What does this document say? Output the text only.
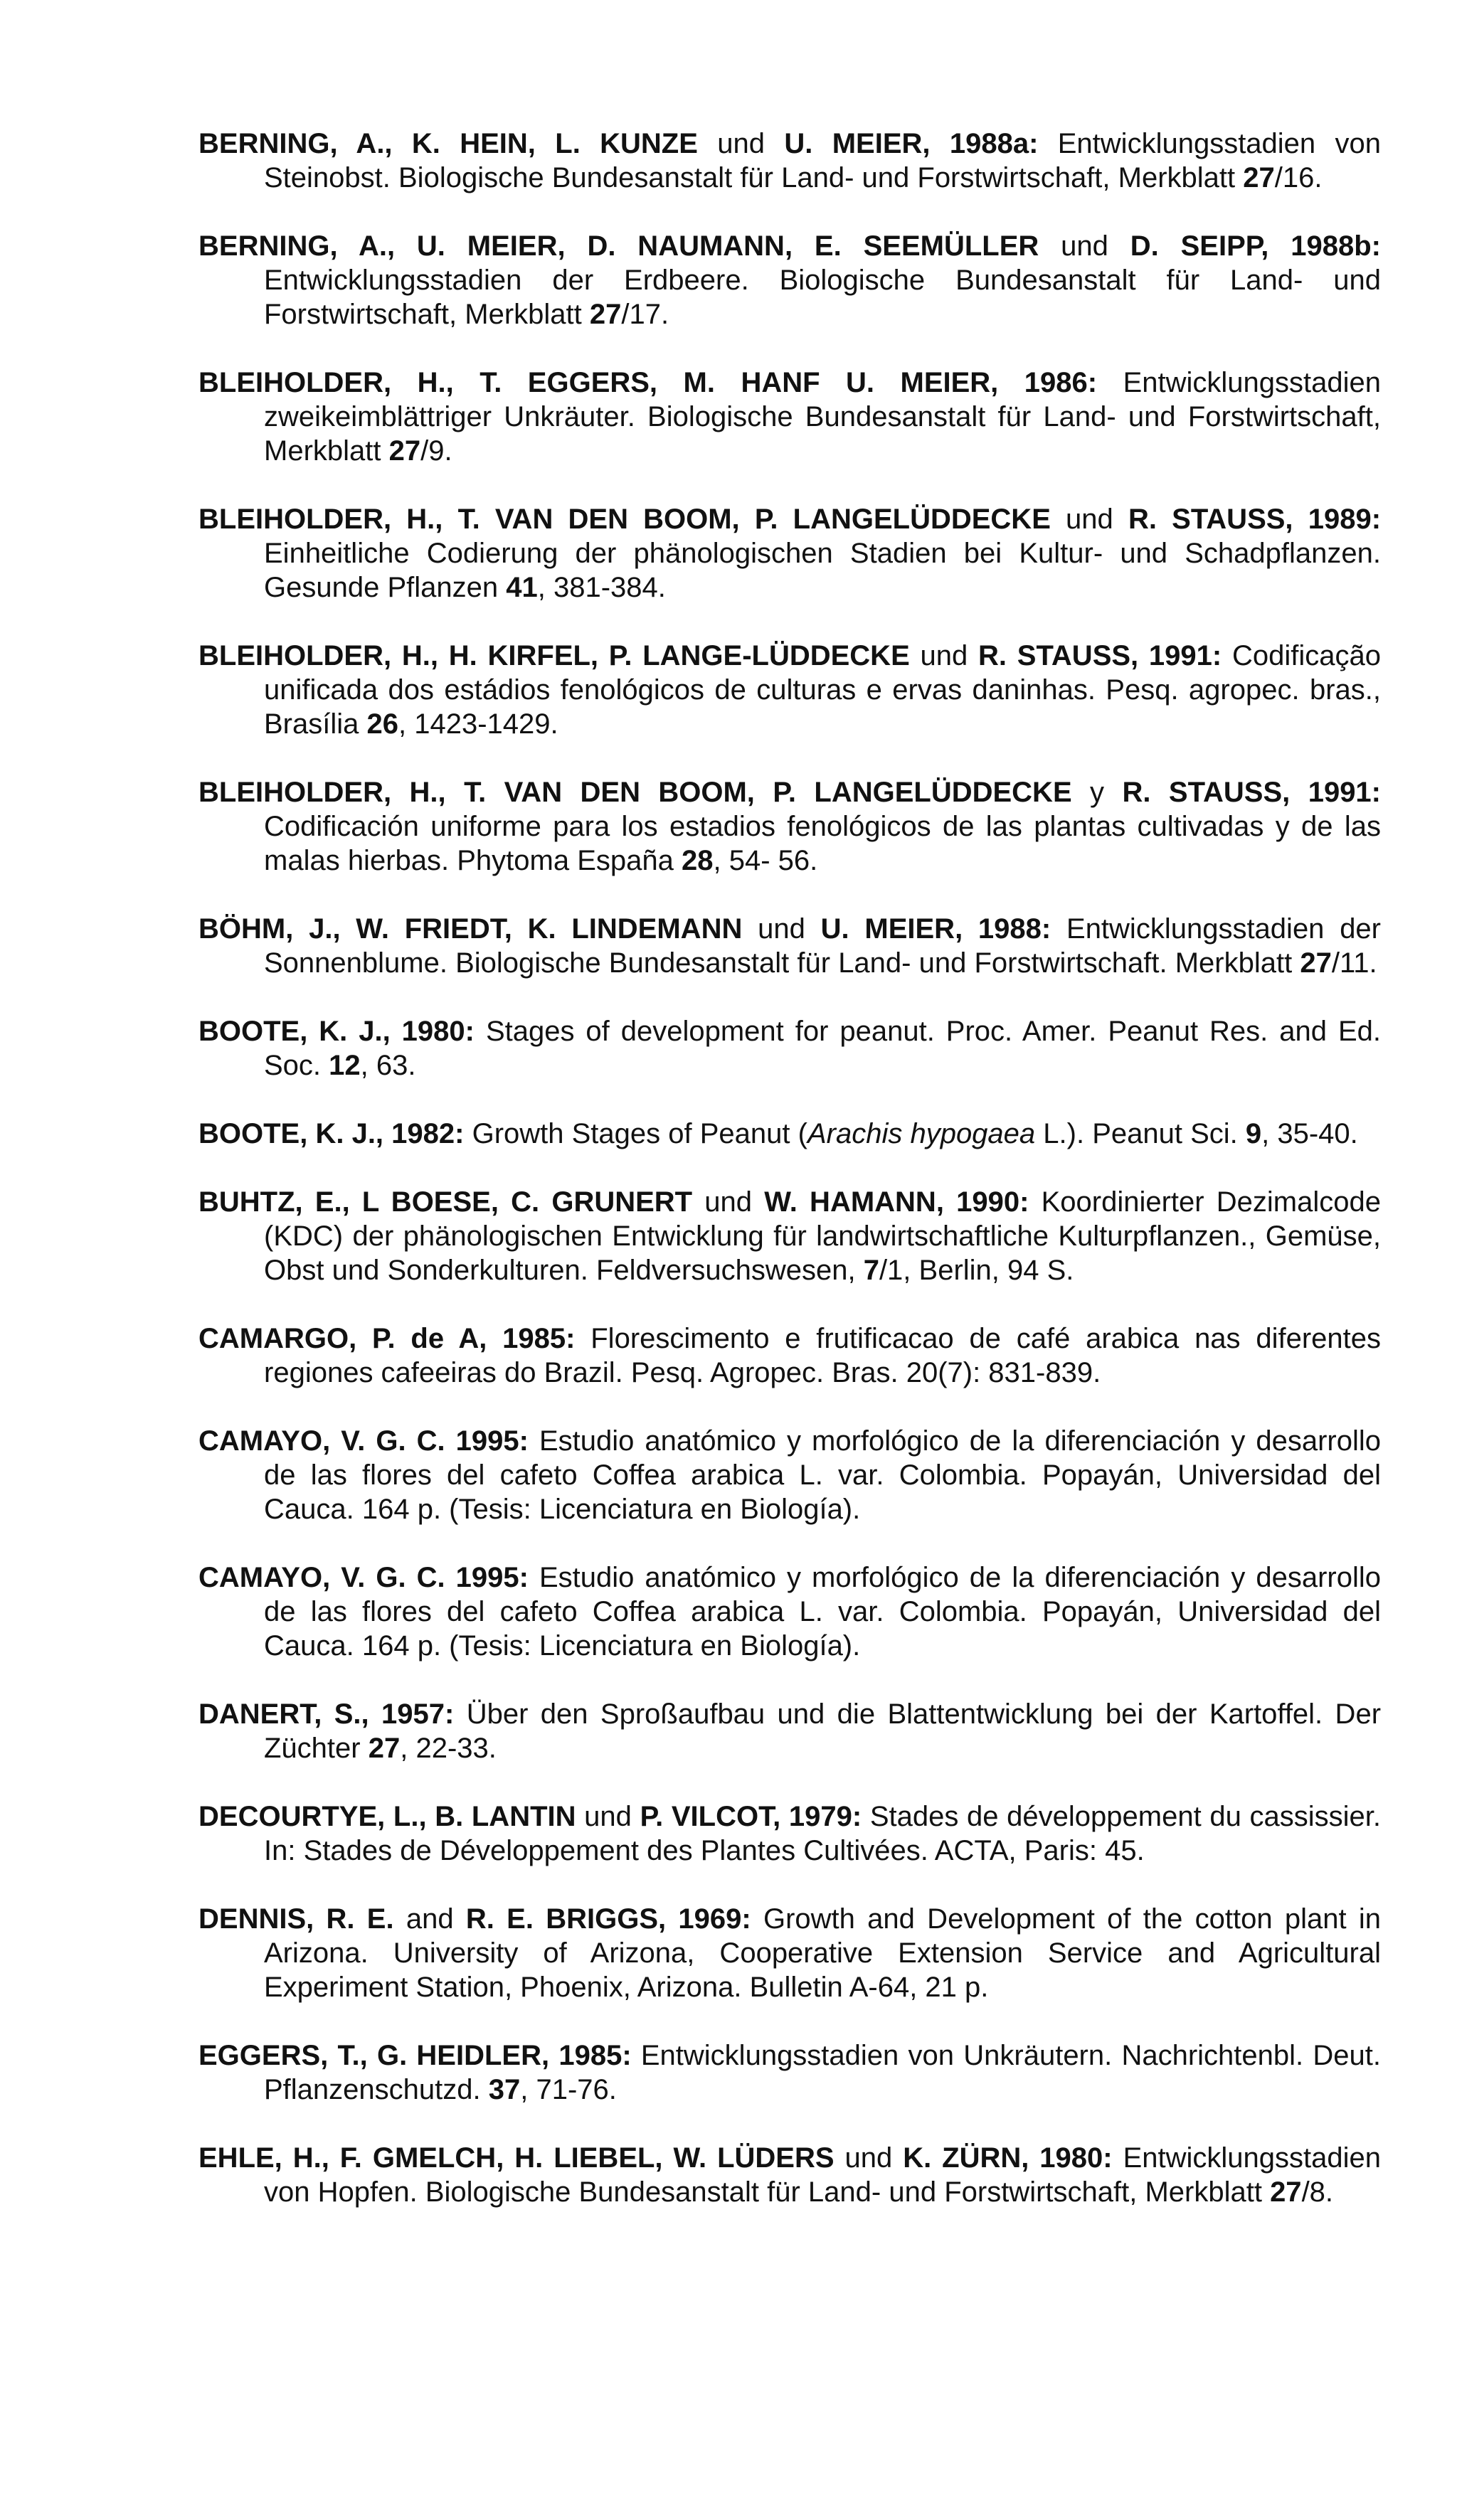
BERNING, A., K. HEIN, L. KUNZE und U. MEIER, 1988a: Entwicklungsstadien von Steinobst. Biologische Bundesanstalt für Land- und Forstwirtschaft, Merkblatt 27/16.

BERNING, A., U. MEIER, D. NAUMANN, E. SEEMÜLLER und D. SEIPP, 1988b: Entwicklungsstadien der Erdbeere. Biologische Bundesanstalt für Land- und Forstwirtschaft, Merkblatt 27/17.

BLEIHOLDER, H., T. EGGERS, M. HANF U. MEIER, 1986: Entwicklungsstadien zweikeimblättriger Unkräuter. Biologische Bundesanstalt für Land- und Forstwirtschaft, Merkblatt 27/9.

BLEIHOLDER, H., T. VAN DEN BOOM, P. LANGELÜDDECKE und R. STAUSS, 1989: Einheitliche Codierung der phänologischen Stadien bei Kultur- und Schadpflanzen. Gesunde Pflanzen 41, 381-384.

BLEIHOLDER, H., H. KIRFEL, P. LANGE-LÜDDECKE und R. STAUSS, 1991: Codificação unificada dos estádios fenológicos de culturas e ervas daninhas. Pesq. agropec. bras., Brasília 26, 1423-1429.

BLEIHOLDER, H., T. VAN DEN BOOM, P. LANGELÜDDECKE y R. STAUSS, 1991: Codificación uniforme para los estadios fenológicos de las plantas cultivadas y de las malas hierbas. Phytoma España 28, 54- 56.

BÖHM, J., W. FRIEDT, K. LINDEMANN und U. MEIER, 1988: Entwicklungsstadien der Sonnenblume. Biologische Bundesanstalt für Land- und Forstwirtschaft. Merkblatt 27/11.

BOOTE, K. J., 1980: Stages of development for peanut. Proc. Amer. Peanut Res. and Ed. Soc. 12, 63.

BOOTE, K. J., 1982: Growth Stages of Peanut (Arachis hypogaea L.). Peanut Sci. 9, 35-40.

BUHTZ, E., L BOESE, C. GRUNERT und W. HAMANN, 1990: Koordinierter Dezimalcode (KDC) der phänologischen Entwicklung für landwirtschaftliche Kulturpflanzen., Gemüse, Obst und Sonderkulturen. Feldversuchswesen, 7/1, Berlin, 94 S.

CAMARGO, P. de A, 1985: Florescimento e frutificacao de café arabica nas diferentes regiones cafeeiras do Brazil. Pesq. Agropec. Bras. 20(7): 831-839.

CAMAYO, V. G. C. 1995: Estudio anatómico y morfológico de la diferenciación y desarrollo de las flores del cafeto Coffea arabica L. var. Colombia. Popayán, Universidad del Cauca. 164 p. (Tesis: Licenciatura en Biología).

CAMAYO, V. G. C. 1995: Estudio anatómico y morfológico de la diferenciación y desarrollo de las flores del cafeto Coffea arabica L. var. Colombia. Popayán, Universidad del Cauca. 164 p. (Tesis: Licenciatura en Biología).

DANERT, S., 1957: Über den Sproßaufbau und die Blattentwicklung bei der Kartoffel. Der Züchter 27, 22-33.

DECOURTYE, L., B. LANTIN und P. VILCOT, 1979: Stades de développement du cassissier. In: Stades de Développement des Plantes Cultivées. ACTA, Paris: 45.

DENNIS, R. E. and R. E. BRIGGS, 1969: Growth and Development of the cotton plant in Arizona. University of Arizona, Cooperative Extension Service and Agricultural Experiment Station, Phoenix, Arizona. Bulletin A-64, 21 p.

EGGERS, T., G. HEIDLER, 1985: Entwicklungsstadien von Unkräutern. Nachrichtenbl. Deut. Pflanzenschutzd. 37, 71-76.

EHLE, H., F. GMELCH, H. LIEBEL, W. LÜDERS und K. ZÜRN, 1980: Entwicklungsstadien von Hopfen. Biologische Bundesanstalt für Land- und Forstwirtschaft, Merkblatt 27/8.
